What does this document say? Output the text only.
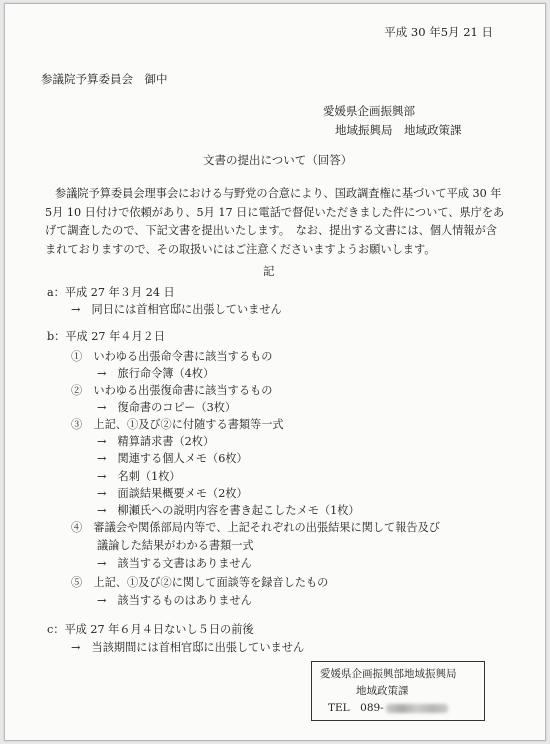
平成 30 年5月 21 日
参議院予算委員会　御中
愛媛県企画振興部
地域振興局　地域政策課
文書の提出について（回答）
参議院予算委員会理事会における与野党の合意により、国政調査権に基づいて平成 30 年5月 10 日付けで依頼があり、5月 17 日に電話で督促いただきました件について、県庁をあげて調査したので、下記文書を提出いたします。　なお、提出する文書には、個人情報が含まれておりますので、その取扱いにはご注意くださいますようお願いします。
記
a：平成 27 年３月 24 日
→　同日には首相官邸に出張していません
b：平成 27 年４月２日
①　いわゆる出張命令書に該当するもの
→　旅行命令簿（4枚）
②　いわゆる出張復命書に該当するもの
→　復命書のコピー（3枚）
③　上記、①及び②に付随する書類等一式
→　精算請求書（2枚）
→　関連する個人メモ（6枚）
→　名刺（1枚）
→　面談結果概要メモ（2枚）
→　柳瀬氏への説明内容を書き起こしたメモ（1枚）
④　審議会や関係部局内等で、上記それぞれの出張結果に関して報告及び
議論した結果がわかる書類一式
→　該当する文書はありません
⑤　上記、①及び②に関して面談等を録音したもの
→　該当するものはありません
c：平成 27 年６月４日ないし５日の前後
→　当該期間には首相官邸に出張していません
愛媛県企画振興部地域振興局
地域政策課
TEL　089-
